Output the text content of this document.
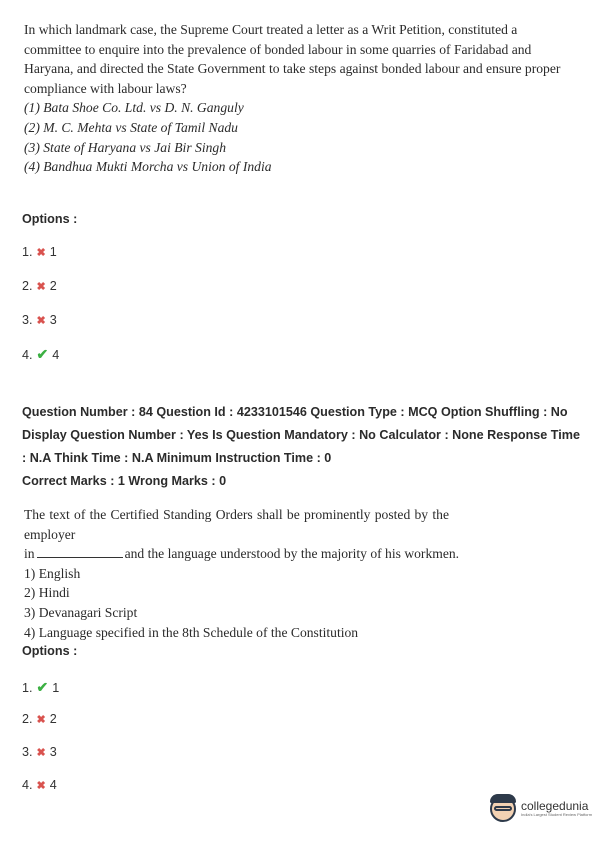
In which landmark case, the Supreme Court treated a letter as a Writ Petition, constituted a
committee to enquire into the prevalence of bonded labour in some quarries of Faridabad and
Haryana, and directed the State Government to take steps against bonded labour and ensure proper
compliance with labour laws?
(1) Bata Shoe Co. Ltd. vs D. N. Ganguly
(2) M. C. Mehta vs State of Tamil Nadu
(3) State of Haryana vs Jai Bir Singh
(4) Bandhua Mukti Morcha vs Union of India
Options :
1. ✖ 1
2. ✖ 2
3. ✖ 3
4. ✔ 4
Question Number : 84 Question Id : 4233101546 Question Type : MCQ Option Shuffling : No
Display Question Number : Yes Is Question Mandatory : No Calculator : None Response Time
: N.A Think Time : N.A Minimum Instruction Time : 0
Correct Marks : 1 Wrong Marks : 0
The text of the Certified Standing Orders shall be prominently posted by the employer
in	and the language understood by the majority of his workmen.
1) English
2) Hindi
3) Devanagari Script
4) Language specified in the 8th Schedule of the Constitution
Options :
1. ✔ 1
2. ✖ 2
3. ✖ 3
4. ✖ 4
collegedunia
India's Largest Student Review Platform
